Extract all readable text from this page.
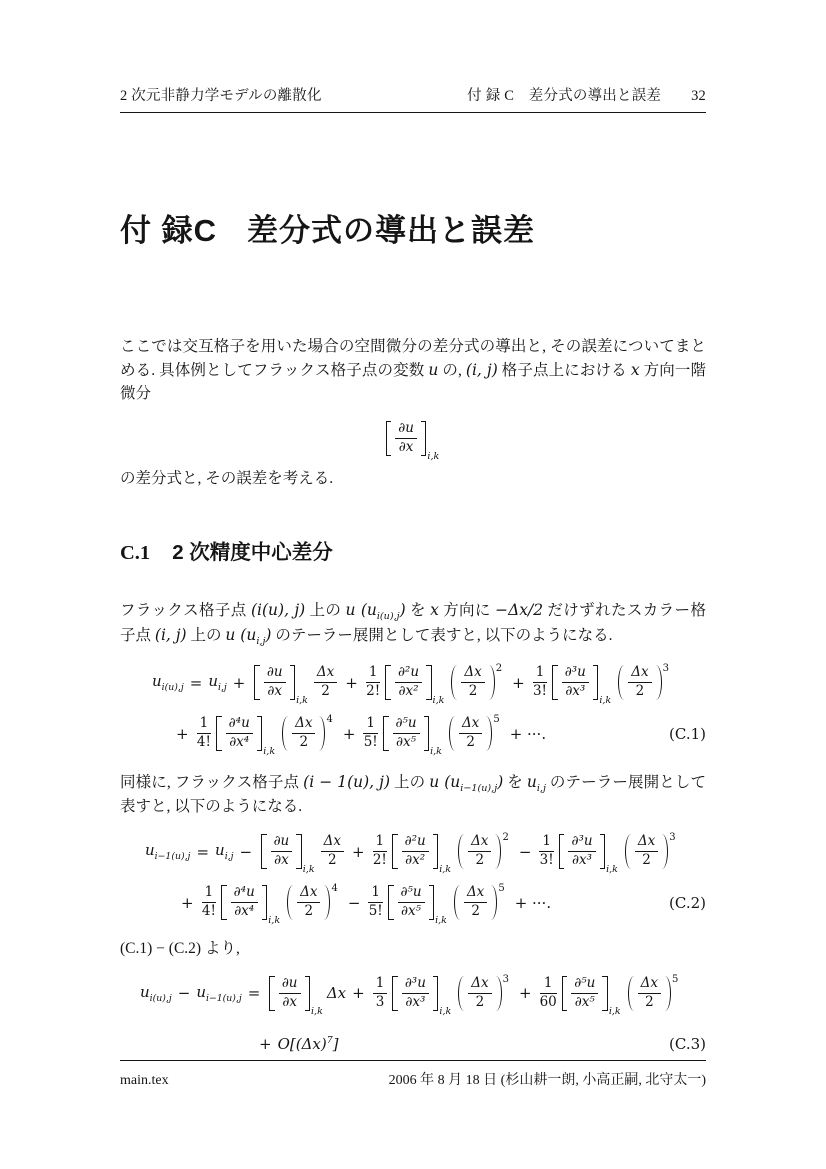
2 次元非静力学モデルの離散化	付 録 C　差分式の導出と誤差 32
付 録C 差分式の導出と誤差

ここでは交互格子を用いた場合の空間微分の差分式の導出と, その誤差についてまとめる. 具体例としてフラックス格子点の変数 u の, (i, j) 格子点上における x 方向一階微分

$\frac{\partial u}{\partial x}$
i,k

の差分式と, その誤差を考える.

C.1 2 次精度中心差分

フラックス格子点 (i(u), j) 上の u $(u_{i(u),j})$ を x 方向に −Δx/2 だけずれたスカラー格子点 (i, j) 上の u $(u_{i,j})$ のテーラー展開として表すと, 以下のようになる.

$u_{i(u),j} = u_{i,j} + \frac{\partial u}{\partial x}$
i,k
$\frac{\Delta x}{2} + \frac{1}{2!} \frac{\text{∂²u}}{\text{∂x²}}$
i,k
$\frac{\Delta x}{2} 2$
+ $\frac{1}{3!} \frac{\text{∂³u}}{\text{∂x³}}$
i,k
$\frac{\Delta x}{2} 3$
+ $\frac{1}{4!} \frac{\text{∂⁴u}}{\text{∂x⁴}}$
i,k
$\frac{\Delta x}{2} 4$
+ $\frac{1}{5!} \frac{\text{∂⁵u}}{\text{∂x⁵}}$
i,k
$\frac{\Delta x}{2} 5$
+ ···.	(C.1)

同様に, フラックス格子点 (i − 1(u), j) 上の u $(u_{i-1(u),j})$ を $u_{i,j}$ のテーラー展開として表すと, 以下のようになる.

$u_{i-1(u),j} = u_{i,j} - \frac{\partial u}{\partial x}$
i,k
$\frac{\Delta x}{2} + \frac{1}{2!} \frac{\text{∂²u}}{\text{∂x²}}$
i,k
$\frac{\Delta x}{2} 2$
− $\frac{1}{3!} \frac{\text{∂³u}}{\text{∂x³}}$
i,k
$\frac{\Delta x}{2} 3$
+ $\frac{1}{4!} \frac{\text{∂⁴u}}{\text{∂x⁴}}$
i,k
$\frac{\Delta x}{2} 4$
− $\frac{1}{5!} \frac{\text{∂⁵u}}{\text{∂x⁵}}$
i,k
$\frac{\Delta x}{2} 5$
+ ···.	(C.2)

(C.1) − (C.2) より,

$u_{i(u),j} - u_{i-1(u),j} = \frac{\partial u}{\partial x}$
i,k
$\Delta x + \frac{1}{3} \frac{\text{∂³u}}{\text{∂x³}}$
i,k
$\frac{\Delta x}{2} 3$
+ $\frac{1}{60} \frac{\text{∂⁵u}}{\text{∂x⁵}}$
i,k
$\frac{\Delta x}{2} 5$
+ $O[(\Delta x)^7]$	(C.3)
main.tex	2006 年 8 月 18 日 (杉山耕一朗, 小高正嗣, 北守太一)
